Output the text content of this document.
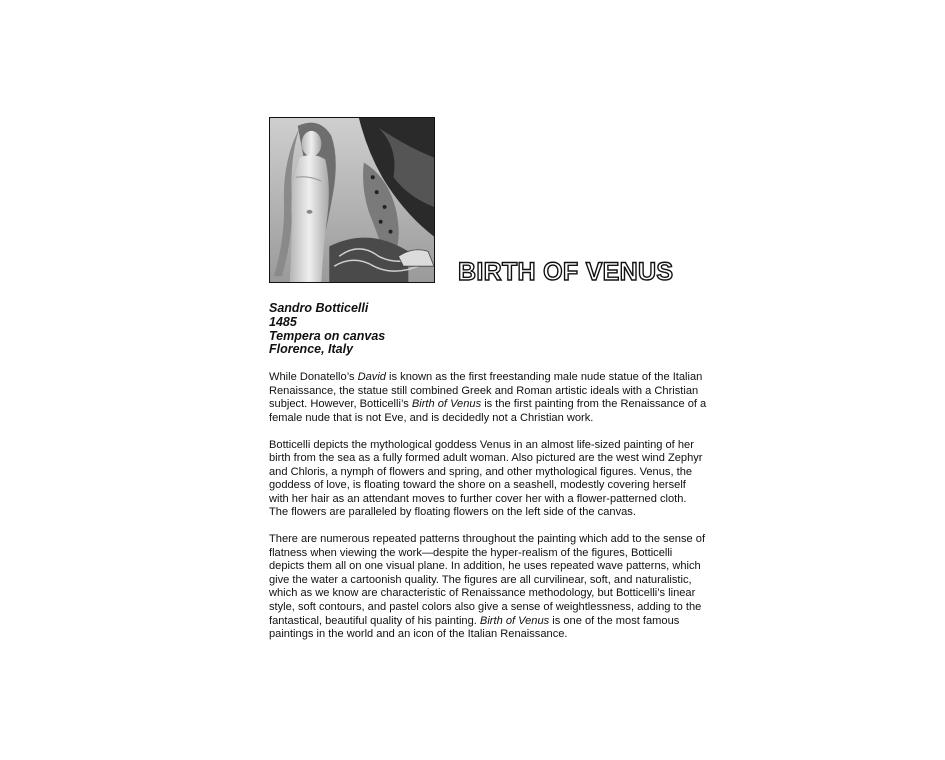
BIRTH OF VENUS
Sandro Botticelli
1485
Tempera on canvas
Florence, Italy

While Donatello’s David is known as the first freestanding male nude statue of the Italian Renaissance, the statue still combined Greek and Roman artistic ideals with a Christian subject. However, Botticelli’s Birth of Venus is the first painting from the Renaissance of a female nude that is not Eve, and is decidedly not a Christian work.

Botticelli depicts the mythological goddess Venus in an almost life-sized painting of her birth from the sea as a fully formed adult woman. Also pictured are the west wind Zephyr and Chloris, a nymph of flowers and spring, and other mythological figures. Venus, the goddess of love, is floating toward the shore on a seashell, modestly covering herself with her hair as an attendant moves to further cover her with a flower-patterned cloth. The flowers are paralleled by floating flowers on the left side of the canvas.

There are numerous repeated patterns throughout the painting which add to the sense of flatness when viewing the work—despite the hyper-realism of the figures, Botticelli depicts them all on one visual plane. In addition, he uses repeated wave patterns, which give the water a cartoonish quality. The figures are all curvilinear, soft, and naturalistic, which as we know are characteristic of Renaissance methodology, but Botticelli’s linear style, soft contours, and pastel colors also give a sense of weightlessness, adding to the fantastical, beautiful quality of his painting. Birth of Venus is one of the most famous paintings in the world and an icon of the Italian Renaissance.
